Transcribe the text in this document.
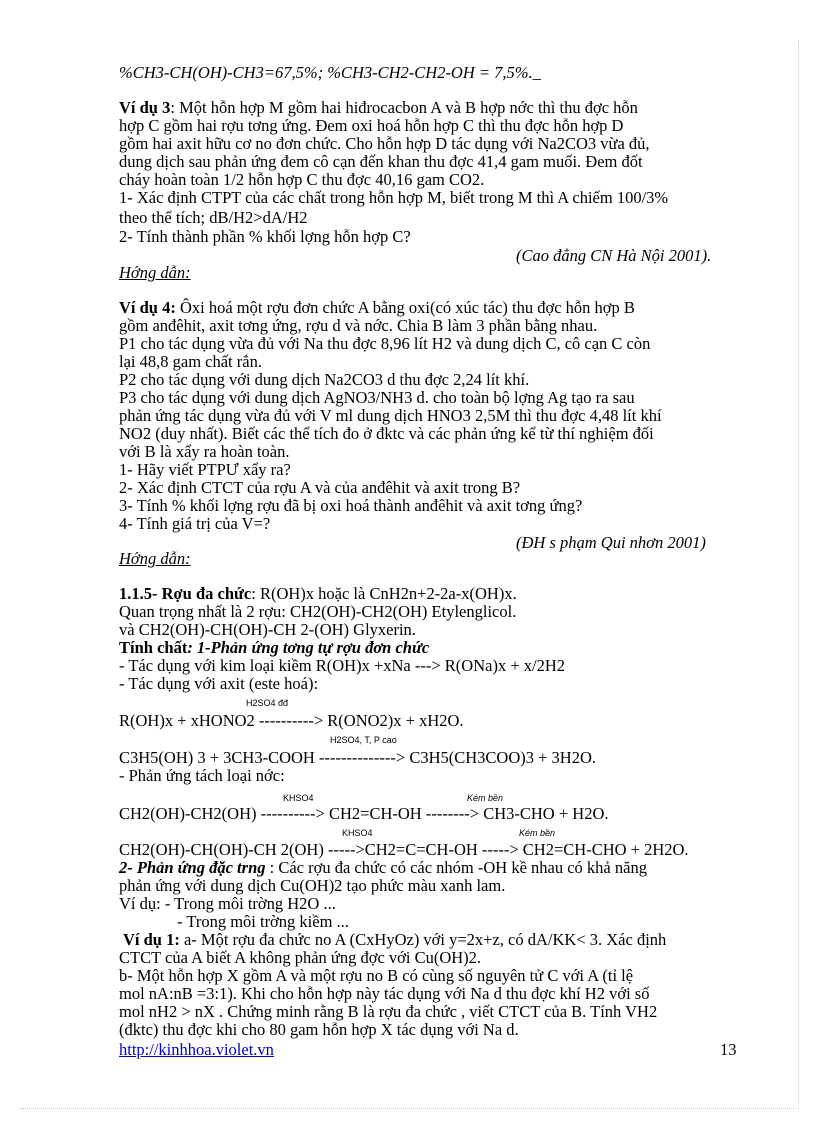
%CH3-CH(OH)-CH3=67,5%; %CH3-CH2-CH2-OH = 7,5%._
Ví dụ 3: Một hỗn hợp M gồm hai hiđrocacbon A và B hợp nớc thì thu đợc hỗn
hợp C gồm hai rợu tơng ứng. Đem oxi hoá hỗn hợp C thì thu đợc hỗn hợp D
gồm hai axit hữu cơ no đơn chức. Cho hỗn hợp D tác dụng với Na2CO3 vừa đủ,
dung dịch sau phản ứng đem cô cạn đến khan thu đợc 41,4 gam muối. Đem đốt
cháy hoàn toàn 1/2 hỗn hợp C thu đợc 40,16 gam CO2.
1- Xác định CTPT của các chất trong hỗn hợp M, biết trong M thì A chiếm 100/3%
theo thể tích; dB/H2>dA/H2
2- Tính thành phần % khối lợng hỗn hợp C?
(Cao đẳng CN Hà Nội 2001).
Hớng dẫn:
Ví dụ 4: Ôxi hoá một rợu đơn chức A bằng oxi(có xúc tác) thu đợc hỗn hợp B
gồm anđêhit, axit tơng ứng, rợu d và nớc. Chia B làm 3 phần bằng nhau.
P1 cho tác dụng vừa đủ với Na thu đợc 8,96 lít H2 và dung dịch C, cô cạn C còn
lại 48,8 gam chất rắn.
P2 cho tác dụng với dung dịch Na2CO3 d thu đợc 2,24 lít khí.
P3 cho tác dụng với dung dịch AgNO3/NH3 d. cho toàn bộ lợng Ag tạo ra sau
phản ứng tác dụng vừa đủ với V ml dung dịch HNO3 2,5M thì thu đợc 4,48 lít khí
NO2 (duy nhất). Biết các thể tích đo ở đktc và các phản ứng kể từ thí nghiệm đối
với B là xẩy ra hoàn toàn.
1- Hãy viết PTPƯ xẩy ra?
2- Xác định CTCT của rợu A và của anđêhit và axit trong B?
3- Tính % khối lợng rợu đã bị oxi hoá thành anđêhit và axit tơng ứng?
4- Tính giá trị của V=?
(ĐH s phạm Qui nhơn 2001)
Hớng dẫn:
1.1.5- Rợu đa chức: R(OH)x hoặc là CnH2n+2-2a-x(OH)x.
Quan trọng nhất là 2 rợu: CH2(OH)-CH2(OH) Etylenglicol.
và CH2(OH)-CH(OH)-CH 2-(OH) Glyxerin.
Tính chất: 1-Phản ứng tơng tự rợu đơn chức
- Tác dụng với kim loại kiềm R(OH)x +xNa ---> R(ONa)x + x/2H2
- Tác dụng với axit (este hoá):
H2SO4 đđ
R(OH)x + xHONO2 ----------> R(ONO2)x + xH2O.
H2SO4, T, P cao
C3H5(OH) 3 + 3CH3-COOH --------------> C3H5(CH3COO)3 + 3H2O.
- Phản ứng tách loại nớc:
KHSO4	Kém bền
CH2(OH)-CH2(OH) ----------> CH2=CH-OH --------> CH3-CHO + H2O.
KHSO4	Kém bền
CH2(OH)-CH(OH)-CH 2(OH) ----->CH2=C=CH-OH -----> CH2=CH-CHO + 2H2O.
2- Phản ứng đặc trng : Các rợu đa chức có các nhóm -OH kề nhau có khả năng
phản ứng với dung dịch Cu(OH)2 tạo phức màu xanh lam.
Ví dụ: - Trong môi trờng H2O ...
- Trong môi trờng kiềm ...
Ví dụ 1: a- Một rợu đa chức no A (CxHyOz) với y=2x+z, có dA/KK< 3. Xác định
CTCT của A biết A không phản ứng đợc với Cu(OH)2.
b- Một hỗn hợp X gồm A và một rợu no B có cùng số nguyên tử C với A (tỉ lệ
mol nA:nB =3:1). Khi cho hỗn hợp này tác dụng với Na d thu đợc khí H2 với số
mol nH2 > nX . Chứng minh rằng B là rợu đa chức , viết CTCT của B. Tính VH2
(đktc) thu đợc khi cho 80 gam hỗn hợp X tác dụng với Na d.
http://kinhhoa.violet.vn	13
